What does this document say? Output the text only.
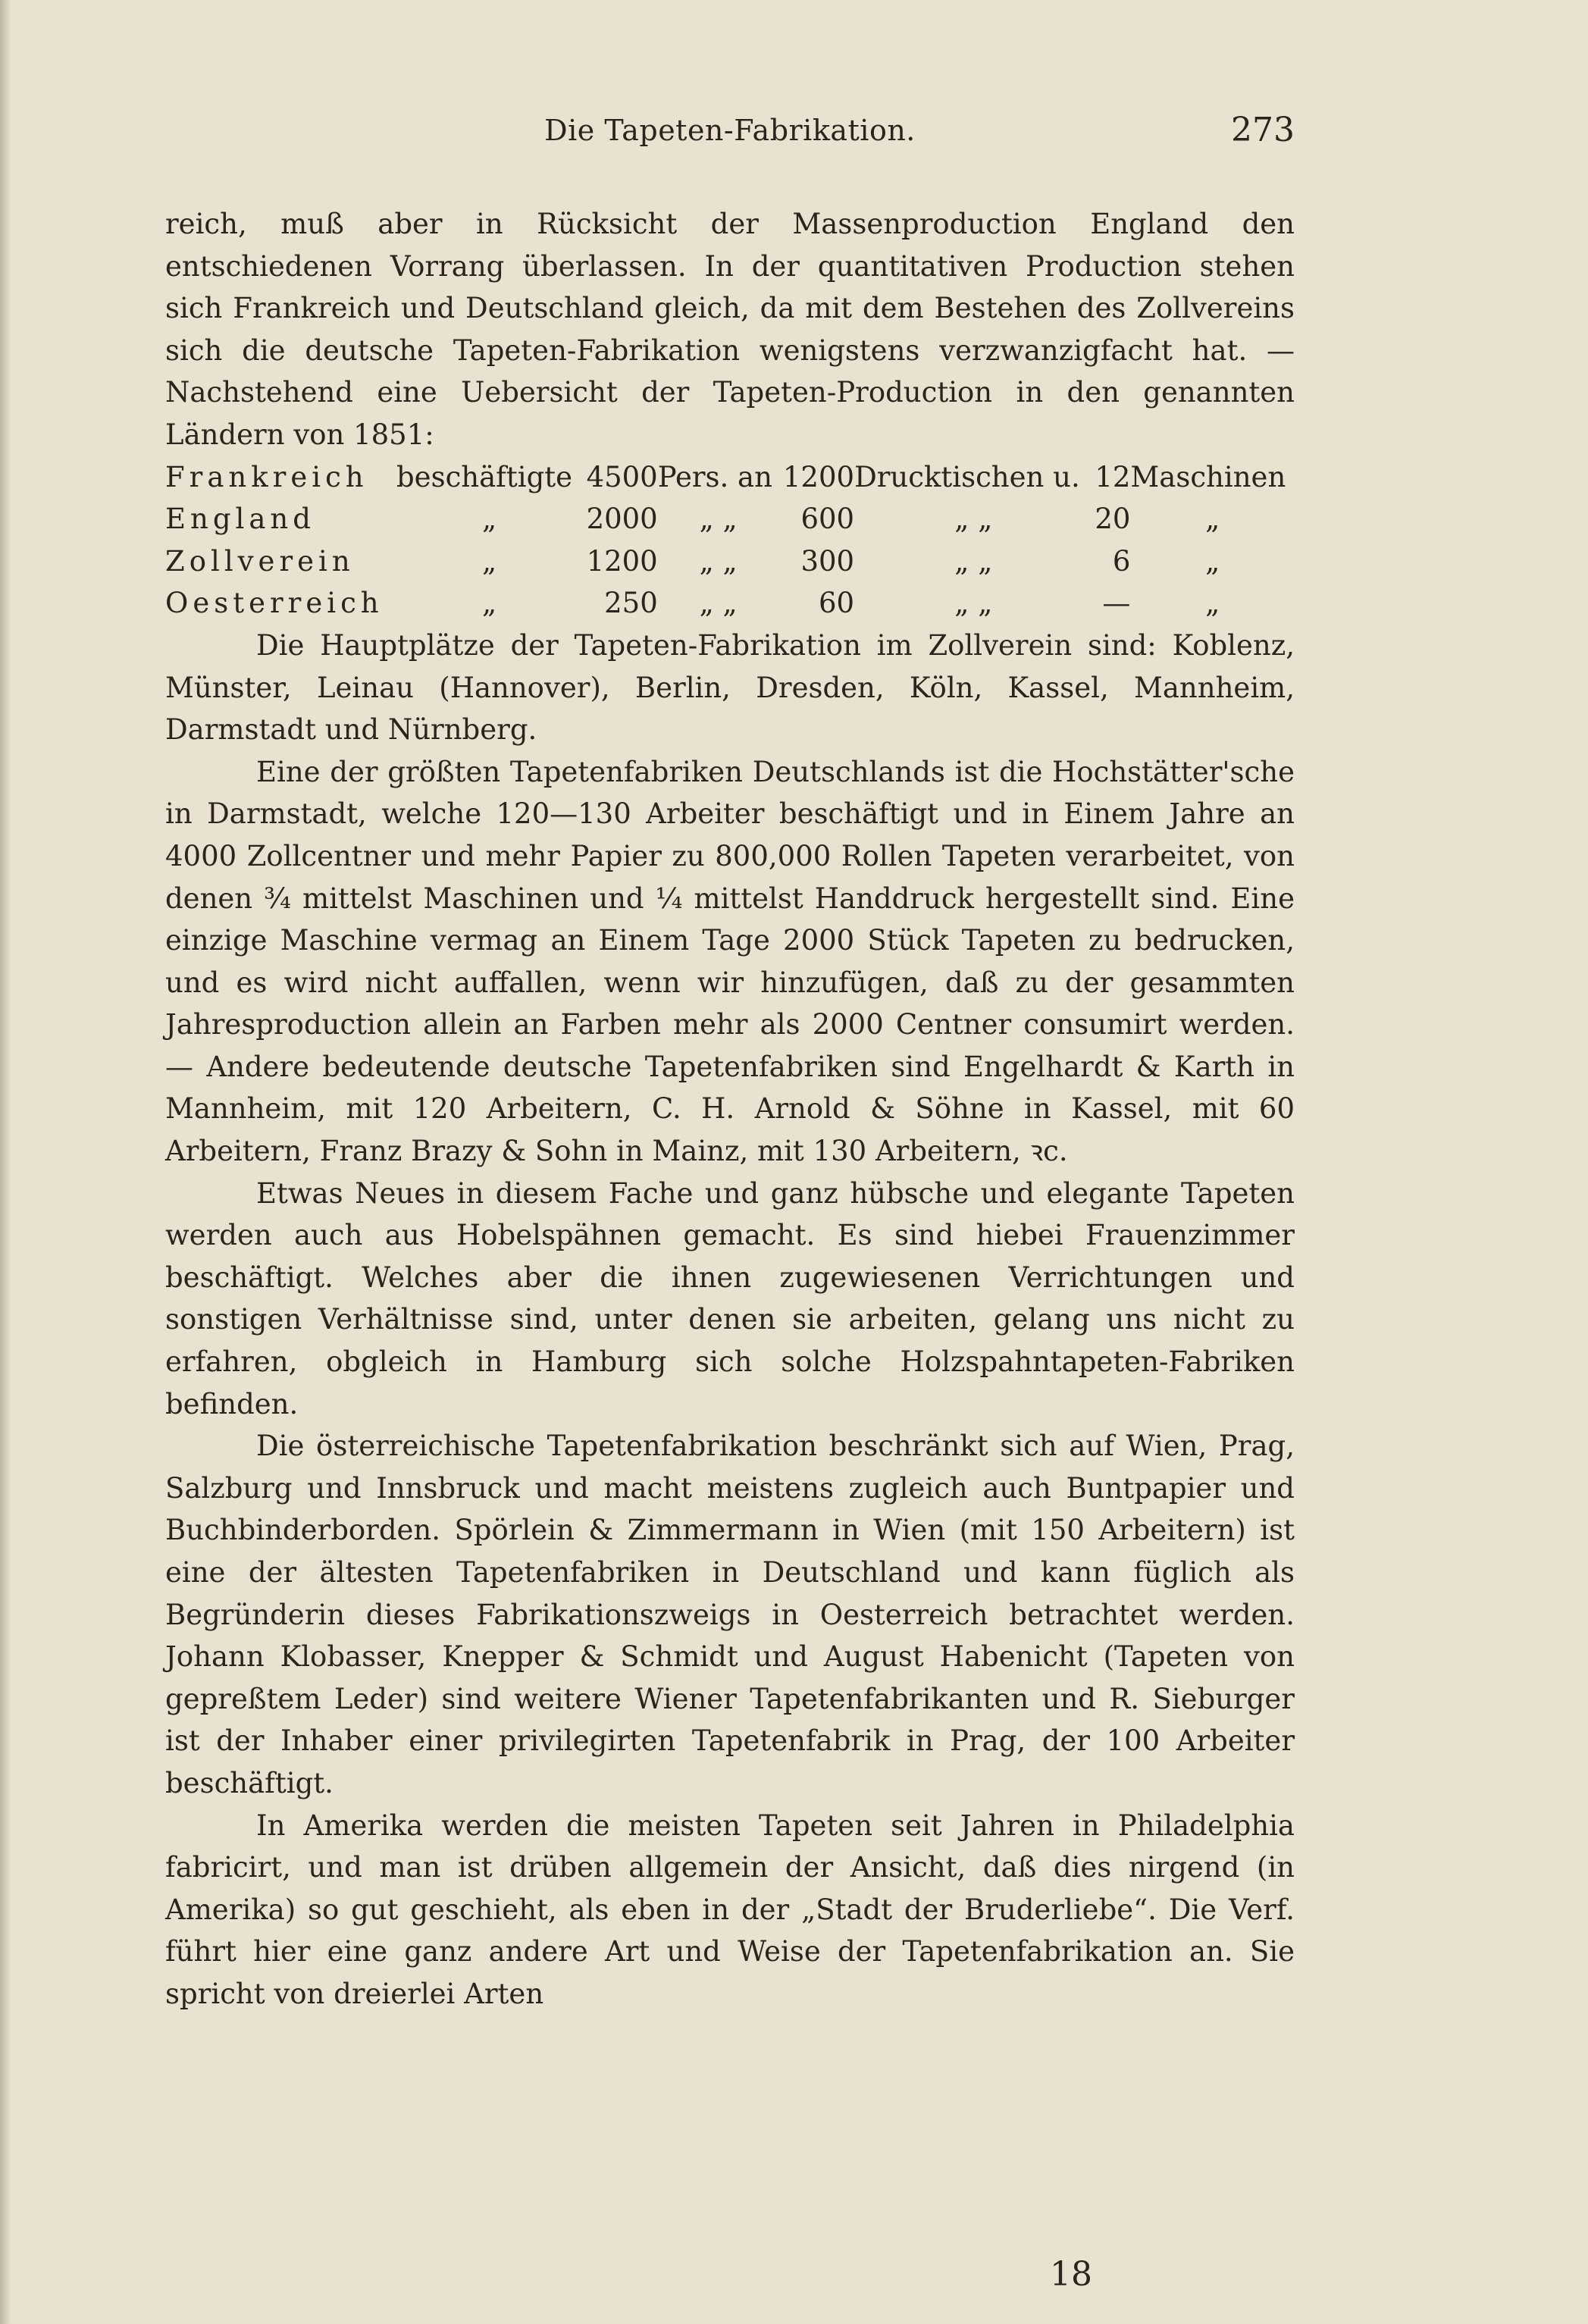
Die Tapeten-Fabrikation.	273

reich, muß aber in Rücksicht der Massenproduction England den entschiedenen Vorrang überlassen. In der quantitativen Production stehen sich Frankreich und Deutschland gleich, da mit dem Bestehen des Zollvereins sich die deutsche Tapeten-Fabrikation wenigstens verzwanzigfacht hat. — Nachstehend eine Uebersicht der Tapeten-Production in den genannten Ländern von 1851:

Frankreich	beschäftigte	4500	Pers. an	1200	Drucktischen u.	12	Maschinen
England	„	2000	„ „	600	„ „	20	„
Zollverein	„	1200	„ „	300	„ „	6	„
Oesterreich	„	250	„ „	60	„ „	—	„

Die Hauptplätze der Tapeten-Fabrikation im Zollverein sind: Koblenz, Münster, Leinau (Hannover), Berlin, Dresden, Köln, Kassel, Mannheim, Darmstadt und Nürnberg.

Eine der größten Tapetenfabriken Deutschlands ist die Hochstätter'sche in Darmstadt, welche 120—130 Arbeiter beschäftigt und in Einem Jahre an 4000 Zollcentner und mehr Papier zu 800,000 Rollen Tapeten verarbeitet, von denen ¾ mittelst Maschinen und ¼ mittelst Handdruck hergestellt sind. Eine einzige Maschine vermag an Einem Tage 2000 Stück Tapeten zu bedrucken, und es wird nicht auffallen, wenn wir hinzufügen, daß zu der gesammten Jahresproduction allein an Farben mehr als 2000 Centner consumirt werden. — Andere bedeutende deutsche Tapetenfabriken sind Engelhardt & Karth in Mannheim, mit 120 Arbeitern, C. H. Arnold & Söhne in Kassel, mit 60 Arbeitern, Franz Brazy & Sohn in Mainz, mit 130 Arbeitern, ꝛc.

Etwas Neues in diesem Fache und ganz hübsche und elegante Tapeten werden auch aus Hobelspähnen gemacht. Es sind hiebei Frauenzimmer beschäftigt. Welches aber die ihnen zugewiesenen Verrichtungen und sonstigen Verhältnisse sind, unter denen sie arbeiten, gelang uns nicht zu erfahren, obgleich in Hamburg sich solche Holzspahntapeten-Fabriken befinden.

Die österreichische Tapetenfabrikation beschränkt sich auf Wien, Prag, Salzburg und Innsbruck und macht meistens zugleich auch Buntpapier und Buchbinderborden. Spörlein & Zimmermann in Wien (mit 150 Arbeitern) ist eine der ältesten Tapetenfabriken in Deutschland und kann füglich als Begründerin dieses Fabrikationszweigs in Oesterreich betrachtet werden. Johann Klobasser, Knepper & Schmidt und August Habenicht (Tapeten von gepreßtem Leder) sind weitere Wiener Tapetenfabrikanten und R. Sieburger ist der Inhaber einer privilegirten Tapetenfabrik in Prag, der 100 Arbeiter beschäftigt.

In Amerika werden die meisten Tapeten seit Jahren in Philadelphia fabricirt, und man ist drüben allgemein der Ansicht, daß dies nirgend (in Amerika) so gut geschieht, als eben in der „Stadt der Bruderliebe“. Die Verf. führt hier eine ganz andere Art und Weise der Tapetenfabrikation an. Sie spricht von dreierlei Arten

18
